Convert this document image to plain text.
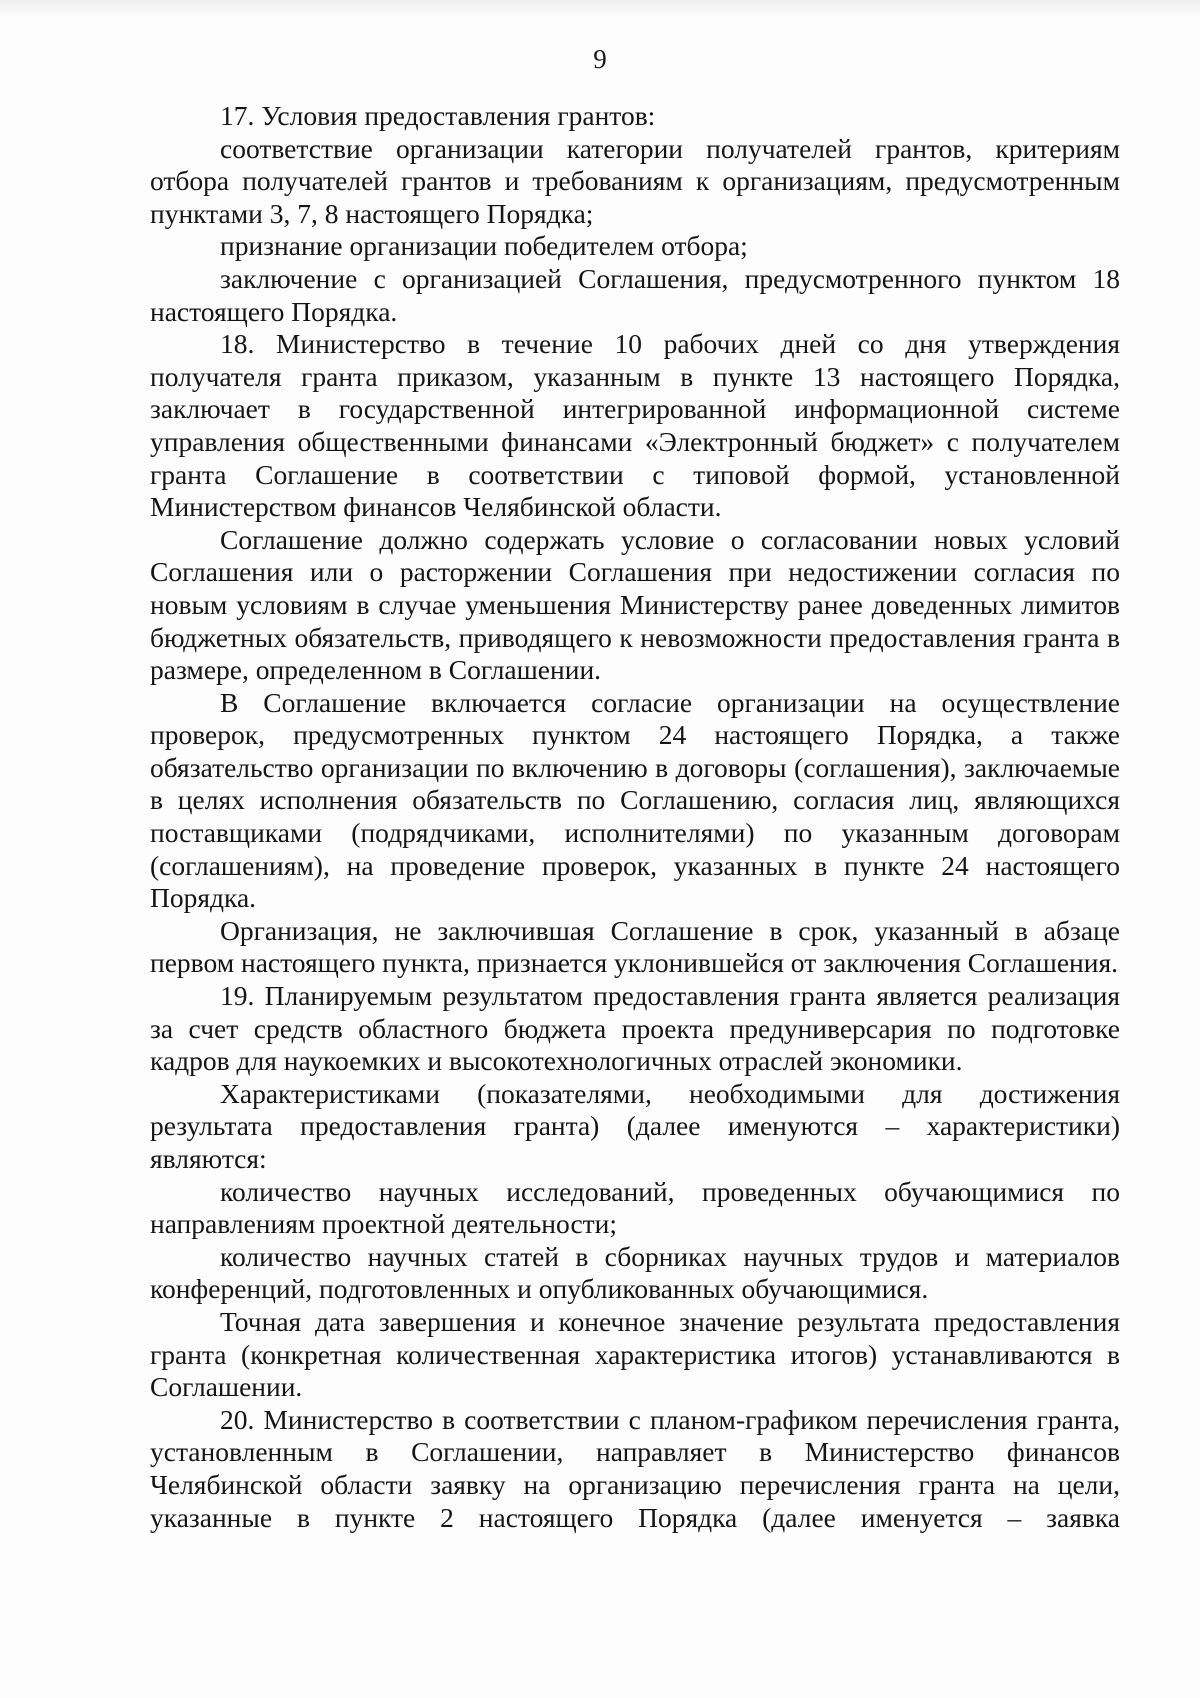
9

17. Условия предоставления грантов:

соответствие организации категории получателей грантов, критериям отбора получателей грантов и требованиям к организациям, предусмотренным пунктами 3, 7, 8 настоящего Порядка;

признание организации победителем отбора;

заключение с организацией Соглашения, предусмотренного пунктом 18 настоящего Порядка.

18. Министерство в течение 10 рабочих дней со дня утверждения получателя гранта приказом, указанным в пункте 13 настоящего Порядка, заключает в государственной интегрированной информационной системе управления общественными финансами «Электронный бюджет» с получателем гранта Соглашение в соответствии с типовой формой, установленной Министерством финансов Челябинской области.

Соглашение должно содержать условие о согласовании новых условий Соглашения или о расторжении Соглашения при недостижении согласия по новым условиям в случае уменьшения Министерству ранее доведенных лимитов бюджетных обязательств, приводящего к невозможности предоставления гранта в размере, определенном в Соглашении.

В Соглашение включается согласие организации на осуществление проверок, предусмотренных пунктом 24 настоящего Порядка, а также обязательство организации по включению в договоры (соглашения), заключаемые в целях исполнения обязательств по Соглашению, согласия лиц, являющихся поставщиками (подрядчиками, исполнителями) по указанным договорам (соглашениям), на проведение проверок, указанных в пункте 24 настоящего Порядка.

Организация, не заключившая Соглашение в срок, указанный в абзаце первом настоящего пункта, признается уклонившейся от заключения Соглашения.

19. Планируемым результатом предоставления гранта является реализация за счет средств областного бюджета проекта предуниверсария по подготовке кадров для наукоемких и высокотехнологичных отраслей экономики.

Характеристиками (показателями, необходимыми для достижения результата предоставления гранта) (далее именуются – характеристики) являются:

количество научных исследований, проведенных обучающимися по направлениям проектной деятельности;

количество научных статей в сборниках научных трудов и материалов конференций, подготовленных и опубликованных обучающимися.

Точная дата завершения и конечное значение результата предоставления гранта (конкретная количественная характеристика итогов) устанавливаются в Соглашении.

20. Министерство в соответствии с планом-графиком перечисления гранта, установленным в Соглашении, направляет в Министерство финансов Челябинской области заявку на организацию перечисления гранта на цели, указанные в пункте 2 настоящего Порядка (далее именуется – заявка
